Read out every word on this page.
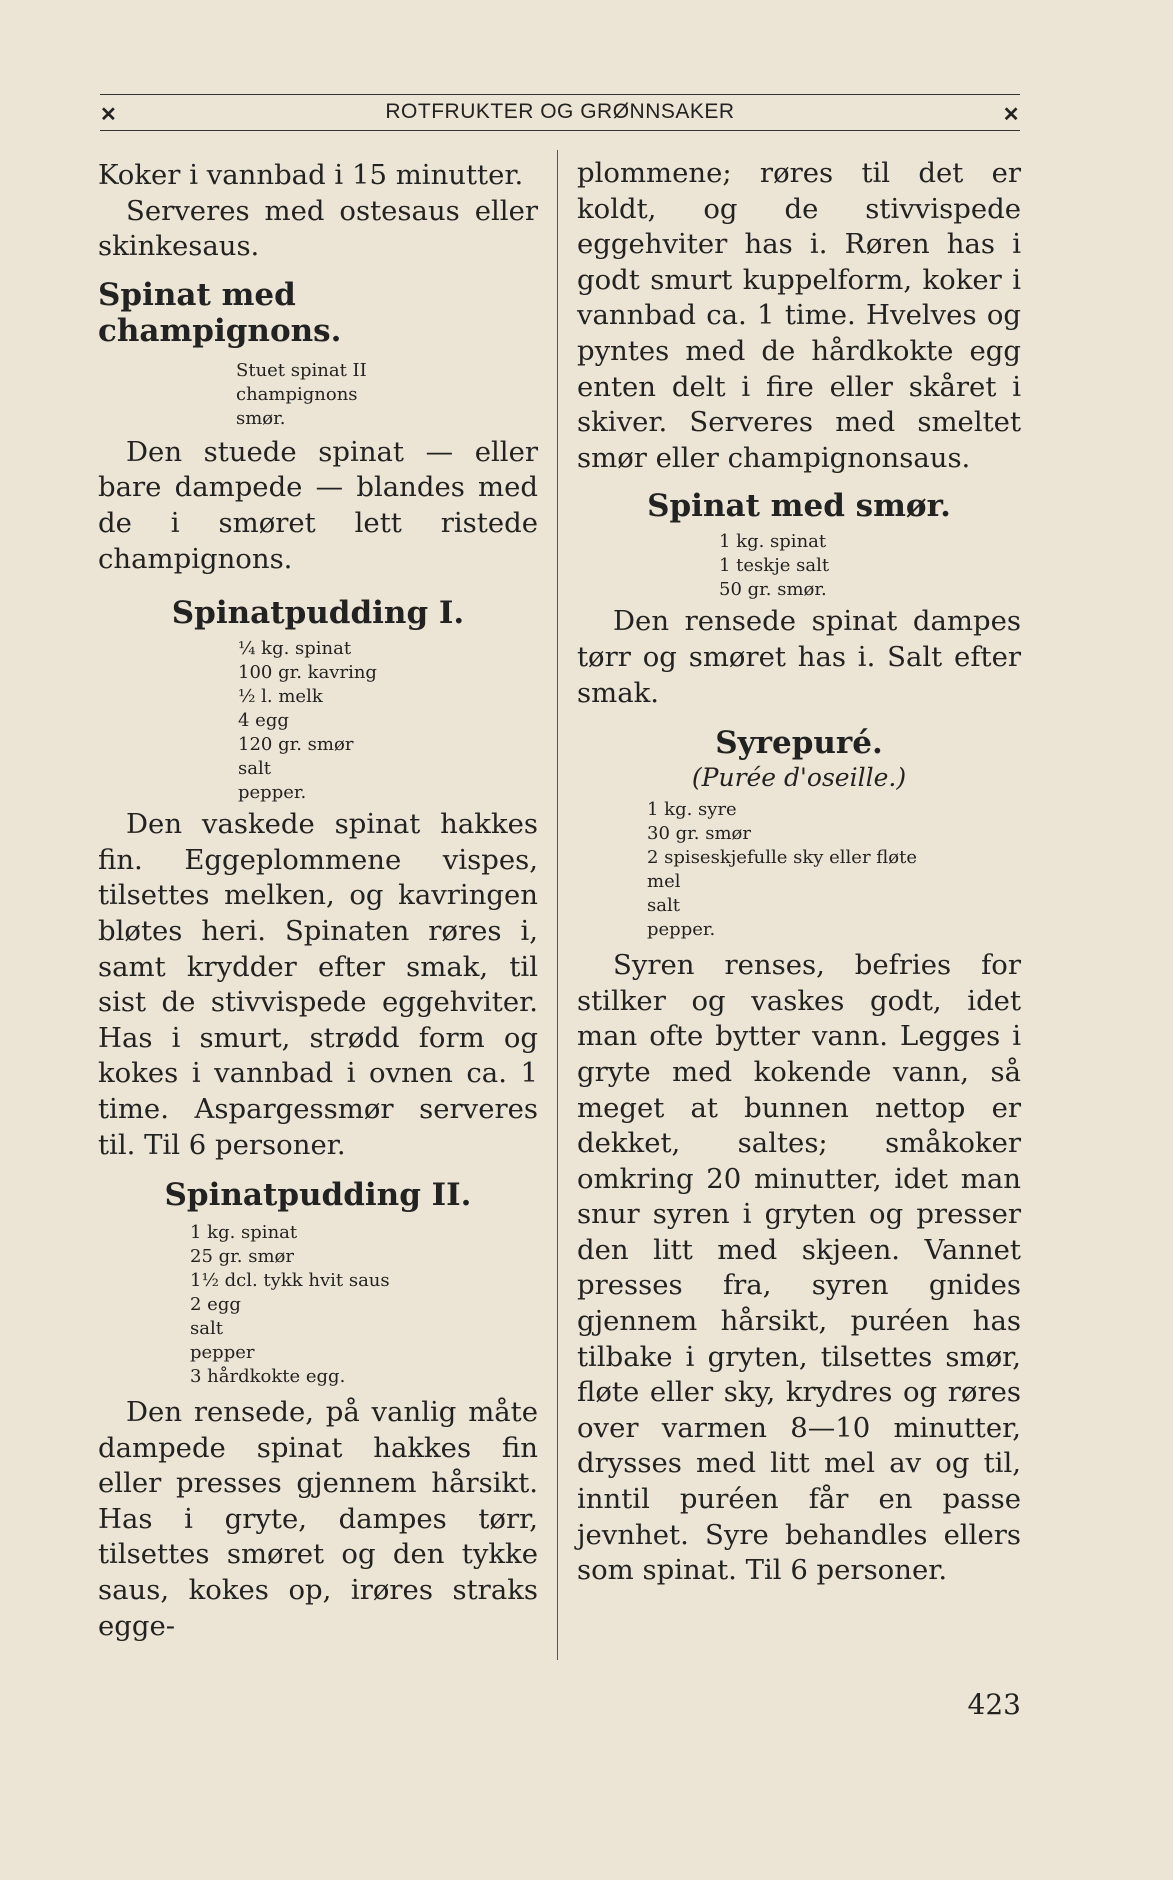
✕	ROTFRUKTER OG GRØNNSAKER	✕

Koker i vannbad i 15 minutter.

Serveres med ostesaus eller skinkesaus.

Spinat med champignons.

Stuet spinat II

champignons

smør.

Den stuede spinat — eller bare dampede — blandes med de i smøret lett ristede champignons.

Spinatpudding I.

¼ kg. spinat

100 gr. kavring

½ l. melk

4 egg

120 gr. smør

salt

pepper.

Den vaskede spinat hakkes fin. Eggeplommene vispes, tilsettes melken, og kavringen bløtes heri. Spinaten røres i, samt krydder efter smak, til sist de stivvispede eggehviter. Has i smurt, strødd form og kokes i vannbad i ovnen ca. 1 time. Aspargessmør serveres til. Til 6 personer.

Spinatpudding II.

1 kg. spinat

25 gr. smør

1½ dcl. tykk hvit saus

2 egg

salt

pepper

3 hårdkokte egg.

Den rensede, på vanlig måte dampede spinat hakkes fin eller presses gjennem hårsikt. Has i gryte, dampes tørr, tilsettes smøret og den tykke saus, kokes op, irøres straks egge-

plommene; røres til det er koldt, og de stivvispede eggehviter has i. Røren has i godt smurt kuppelform, koker i vannbad ca. 1 time. Hvelves og pyntes med de hårdkokte egg enten delt i fire eller skåret i skiver. Serveres med smeltet smør eller champignonsaus.

Spinat med smør.

1 kg. spinat

1 teskje salt

50 gr. smør.

Den rensede spinat dampes tørr og smøret has i. Salt efter smak.

Syrepuré.

(Purée d'oseille.)

1 kg. syre

30 gr. smør

2 spiseskjefulle sky eller fløte

mel

salt

pepper.

Syren renses, befries for stilker og vaskes godt, idet man ofte bytter vann. Legges i gryte med kokende vann, så meget at bunnen nettop er dekket, saltes; småkoker omkring 20 minutter, idet man snur syren i gryten og presser den litt med skjeen. Vannet presses fra, syren gnides gjennem hårsikt, puréen has tilbake i gryten, tilsettes smør, fløte eller sky, krydres og røres over varmen 8—10 minutter, drysses med litt mel av og til, inntil puréen får en passe jevnhet. Syre behandles ellers som spinat. Til 6 personer.

423
